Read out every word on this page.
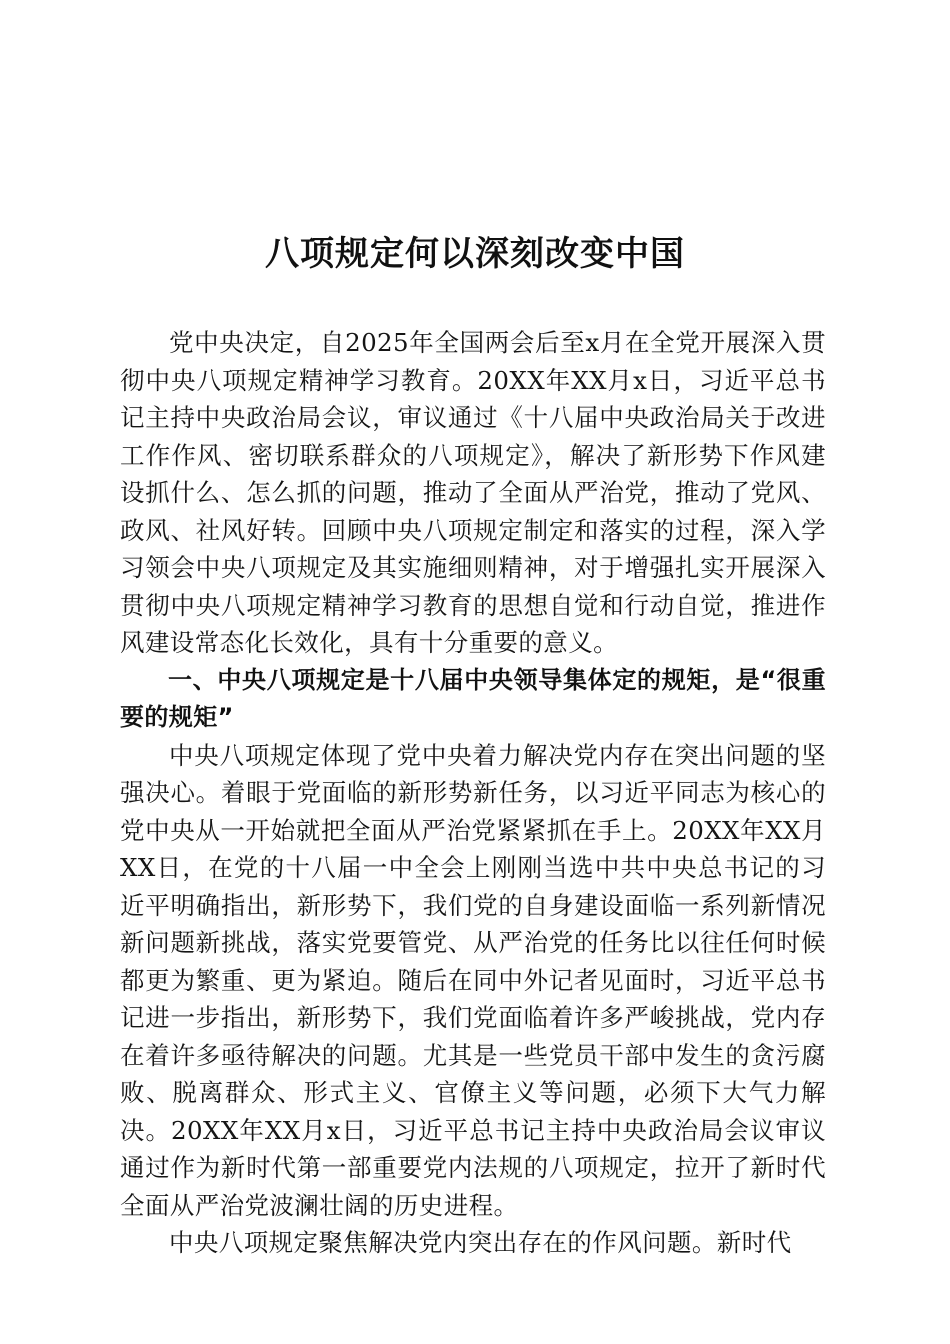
八项规定何以深刻改变中国

党中央决定，自2025年全国两会后至x月在全党开展深入贯彻中央八项规定精神学习教育。20XX年XX月x日，习近平总书记主持中央政治局会议，审议通过《十八届中央政治局关于改进工作作风、密切联系群众的八项规定》，解决了新形势下作风建设抓什么、怎么抓的问题，推动了全面从严治党，推动了党风、政风、社风好转。回顾中央八项规定制定和落实的过程，深入学习领会中央八项规定及其实施细则精神，对于增强扎实开展深入贯彻中央八项规定精神学习教育的思想自觉和行动自觉，推进作风建设常态化长效化，具有十分重要的意义。

一、中央八项规定是十八届中央领导集体定的规矩，是“很重要的规矩”

中央八项规定体现了党中央着力解决党内存在突出问题的坚强决心。着眼于党面临的新形势新任务，以习近平同志为核心的党中央从一开始就把全面从严治党紧紧抓在手上。20XX年XX月XX日，在党的十八届一中全会上刚刚当选中共中央总书记的习近平明确指出，新形势下，我们党的自身建设面临一系列新情况新问题新挑战，落实党要管党、从严治党的任务比以往任何时候都更为繁重、更为紧迫。随后在同中外记者见面时，习近平总书记进一步指出，新形势下，我们党面临着许多严峻挑战，党内存在着许多亟待解决的问题。尤其是一些党员干部中发生的贪污腐败、脱离群众、形式主义、官僚主义等问题，必须下大气力解决。20XX年XX月x日，习近平总书记主持中央政治局会议审议通过作为新时代第一部重要党内法规的八项规定，拉开了新时代全面从严治党波澜壮阔的历史进程。

中央八项规定聚焦解决党内突出存在的作风问题。新时代
